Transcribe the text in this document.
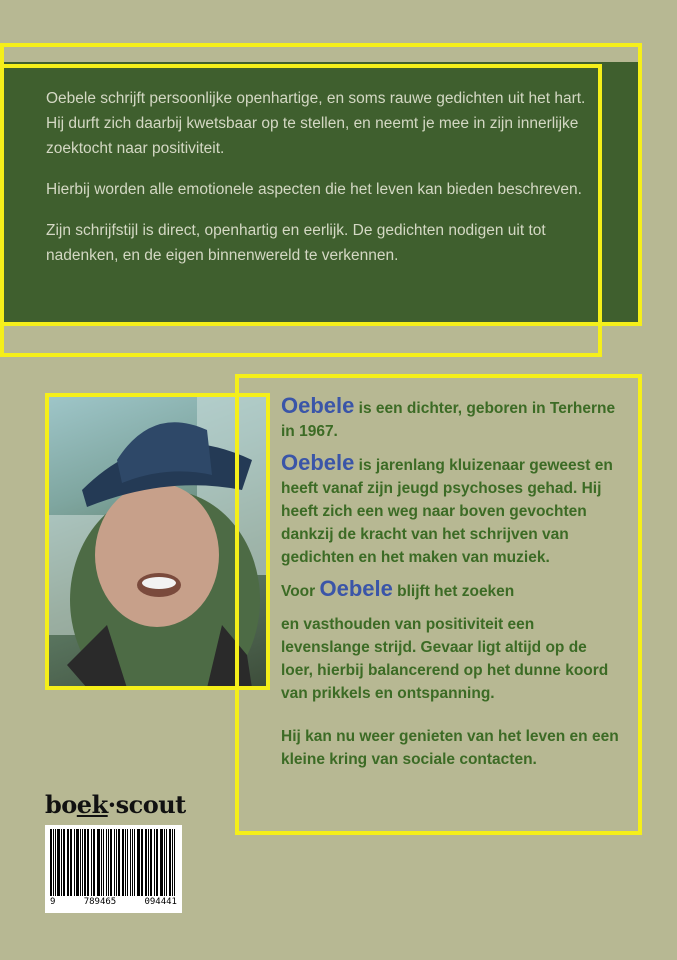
Oebele schrijft persoonlijke openhartige, en soms rauwe gedichten uit het hart. Hij durft zich daarbij kwetsbaar op te stellen, en neemt je mee in zijn innerlijke zoektocht naar positiviteit.

Hierbij worden alle emotionele aspecten die het leven kan bieden beschreven.

Zijn schrijfstijl is direct, openhartig en eerlijk. De gedichten nodigen uit tot nadenken, en de eigen binnenwereld te verkennen.

Oebele is een dichter, geboren in Terherne in 1967.

Oebele is jarenlang kluizenaar geweest en heeft vanaf zijn jeugd psychoses gehad. Hij heeft zich een weg naar boven gevochten dankzij de kracht van het schrijven van gedichten en het maken van muziek.

Voor Oebele blijft het zoeken

en vasthouden van positiviteit een levenslange strijd. Gevaar ligt altijd op de loer, hierbij balancerend op het dunne koord van prikkels en ontspanning.

Hij kan nu weer genieten van het leven en een kleine kring van sociale contacten.

boek·scout
9	789465	094441
